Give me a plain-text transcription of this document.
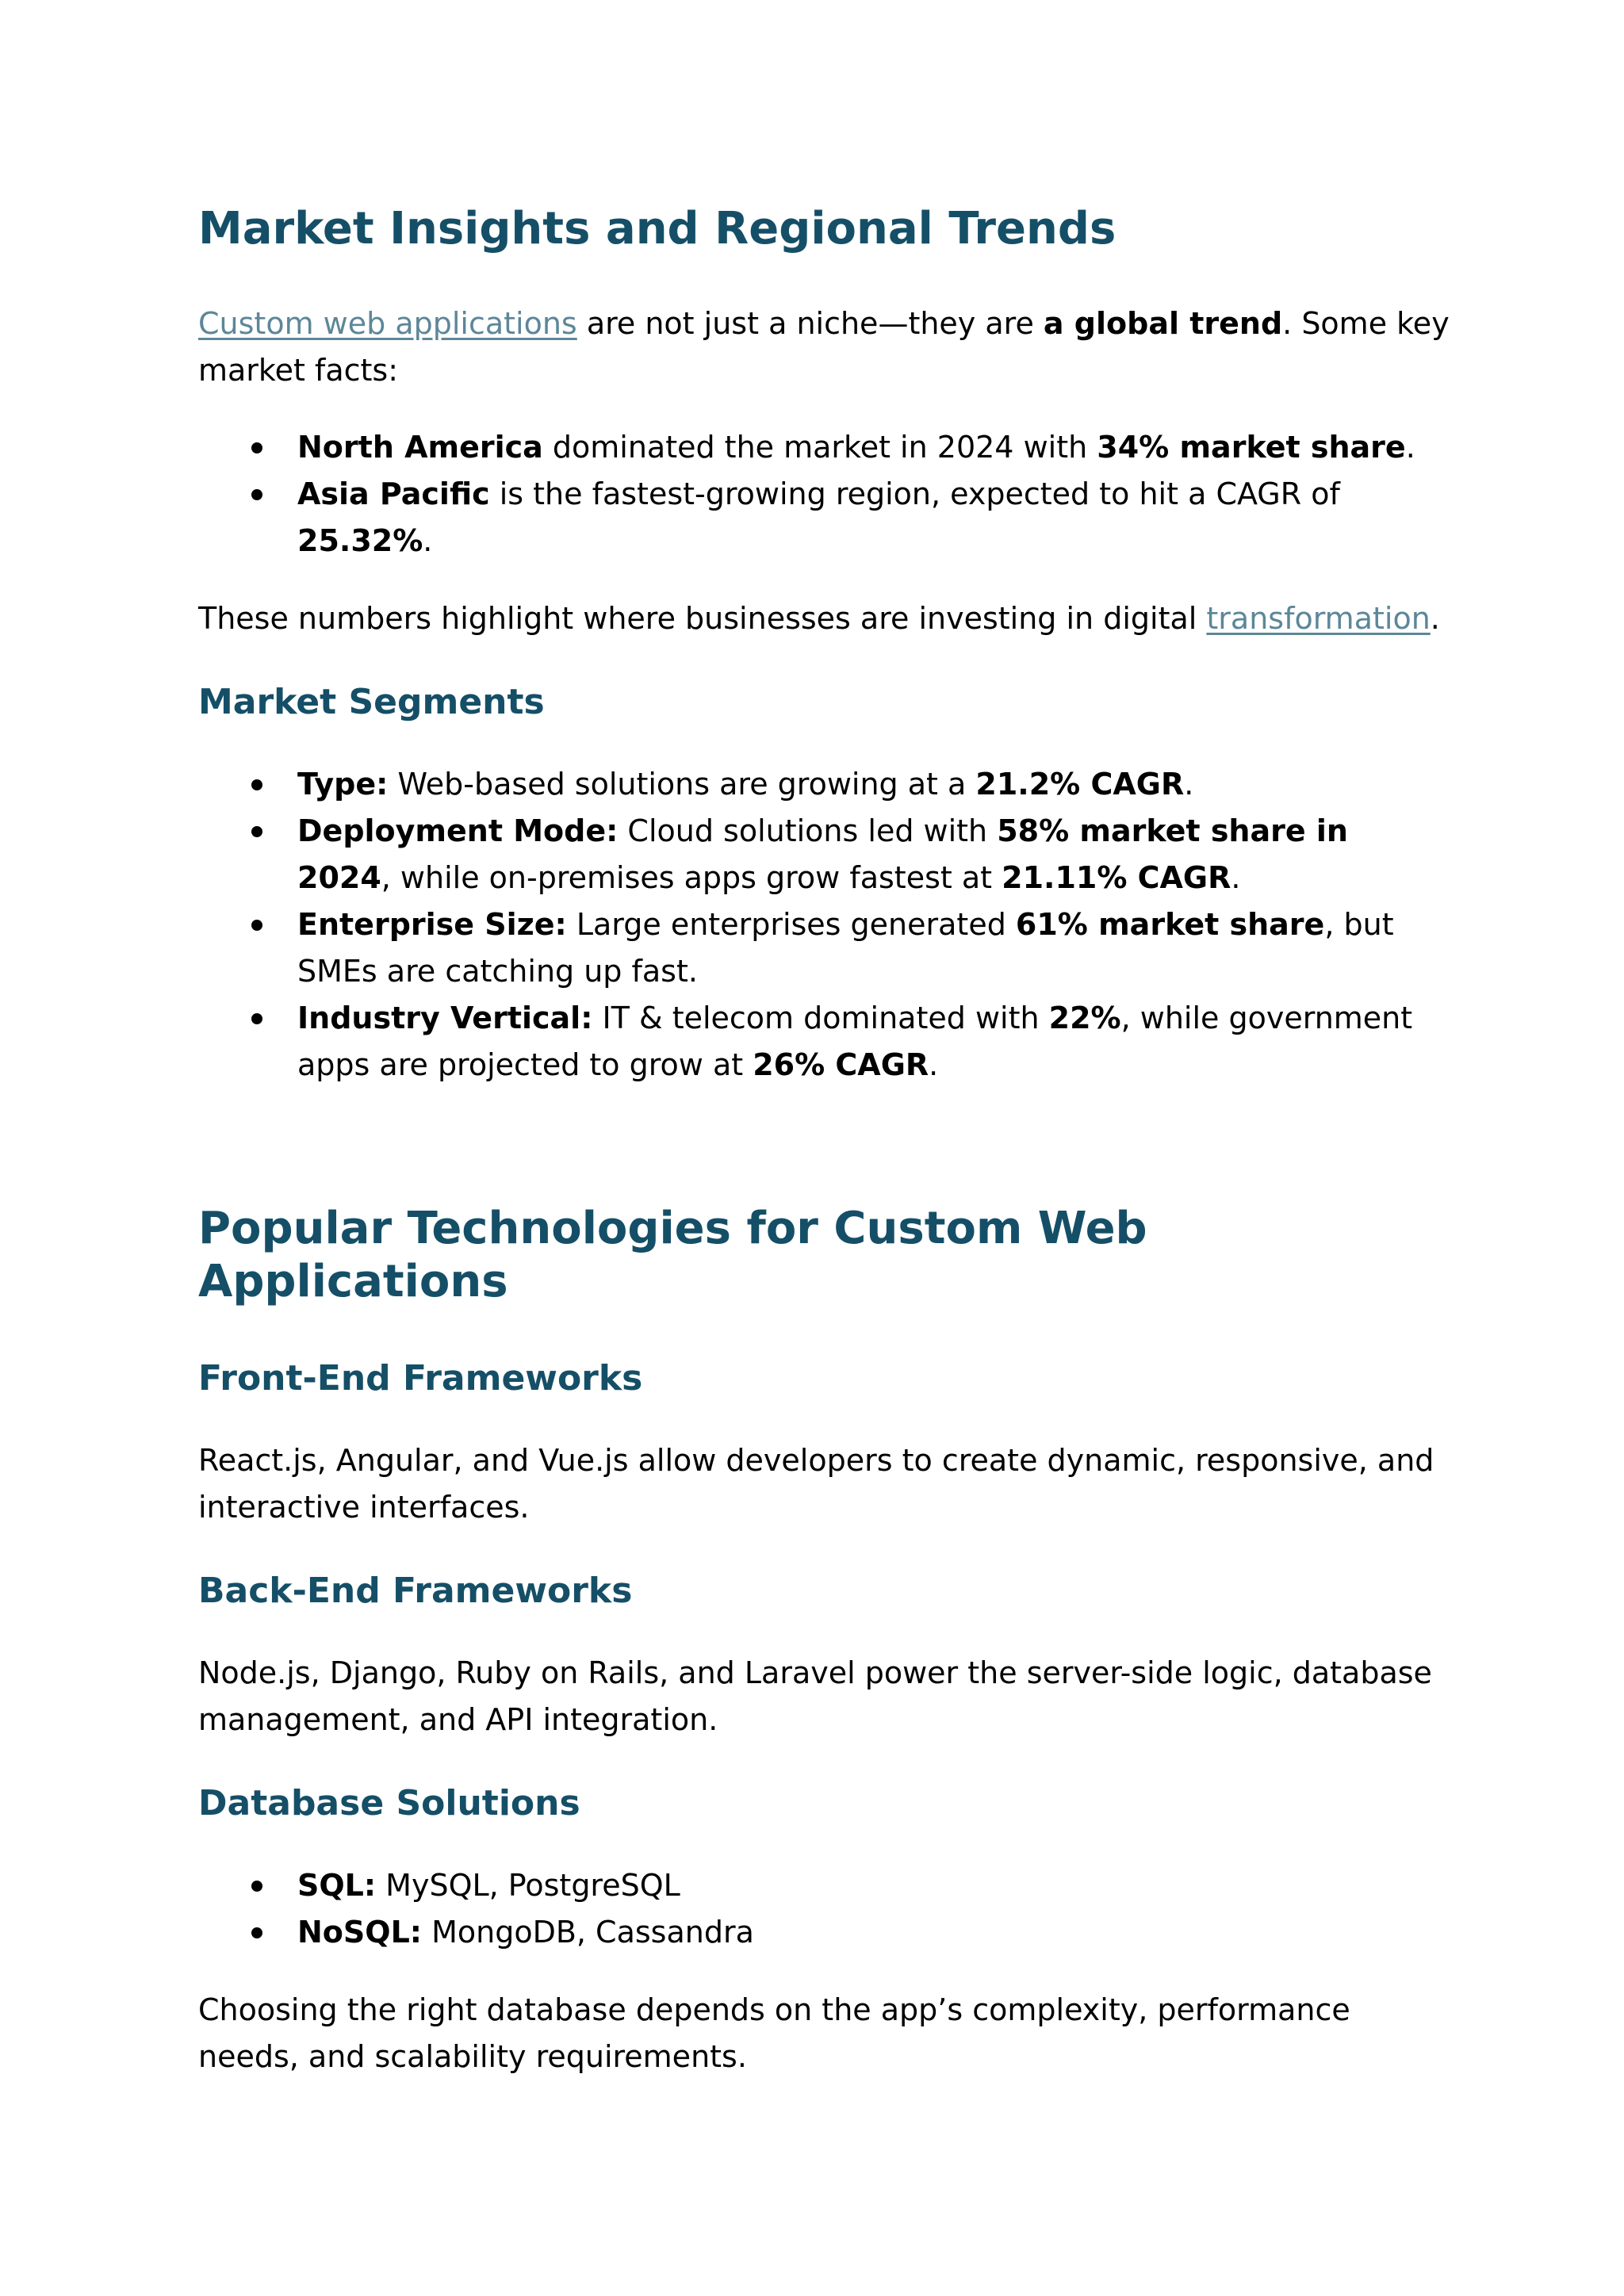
Market Insights and Regional Trends

Custom web applications are not just a niche—they are a global trend. Some key market facts:

North America dominated the market in 2024 with 34% market share.
Asia Pacific is the fastest-growing region, expected to hit a CAGR of 25.32%.

These numbers highlight where businesses are investing in digital transformation.

Market Segments
Type: Web-based solutions are growing at a 21.2% CAGR.
Deployment Mode: Cloud solutions led with 58% market share in 2024, while on-premises apps grow fastest at 21.11% CAGR.
Enterprise Size: Large enterprises generated 61% market share, but SMEs are catching up fast.
Industry Vertical: IT & telecom dominated with 22%, while government apps are projected to grow at 26% CAGR.
Popular Technologies for Custom Web Applications
Front-End Frameworks

React.js, Angular, and Vue.js allow developers to create dynamic, responsive, and interactive interfaces.

Back-End Frameworks

Node.js, Django, Ruby on Rails, and Laravel power the server-side logic, database management, and API integration.

Database Solutions
SQL: MySQL, PostgreSQL
NoSQL: MongoDB, Cassandra

Choosing the right database depends on the app’s complexity, performance needs, and scalability requirements.
